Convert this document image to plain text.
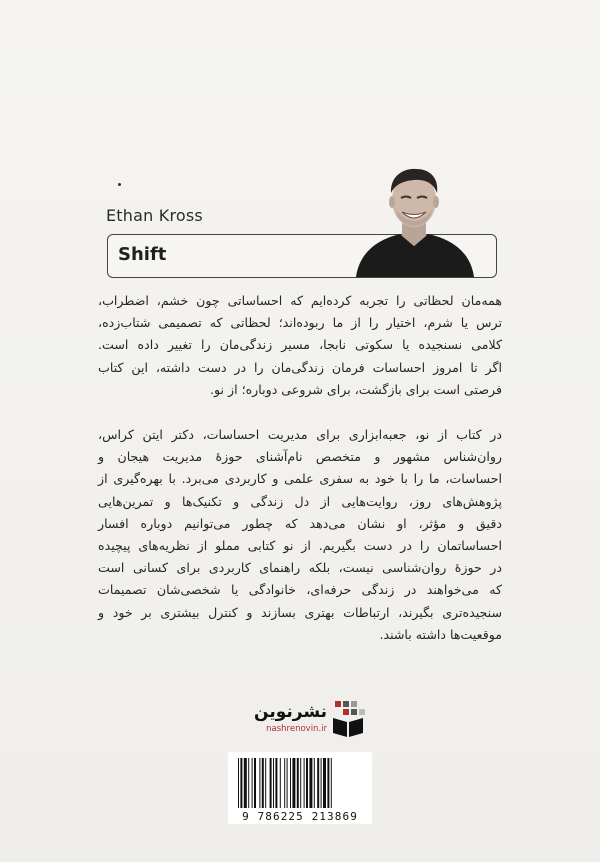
Ethan Kross
Shift
همه‌مان لحظاتی را تجربه کرده‌ایم که احساساتی چون خشم، اضطراب،
ترس یا شرم، اختیار را از ما ربوده‌اند؛ لحظاتی که تصمیمی شتاب‌زده،
کلامی نسنجیده یا سکوتی نابجا، مسیر زندگی‌مان را تغییر داده است.
اگر تا امروز احساسات فرمان زندگی‌مان را در دست داشته، این کتاب
فرصتی است برای بازگشت، برای شروعی دوباره؛ از نو.
در کتاب از نو، جعبه‌ابزاری برای مدیریت احساسات، دکتر ایتن کراس،
روان‌شناس مشهور و متخصص نام‌آشنای حوزهٔ مدیریت هیجان و
احساسات، ما را با خود به سفری علمی و کاربردی می‌برد. با بهره‌گیری از
پژوهش‌های روز، روایت‌هایی از دل زندگی و تکنیک‌ها و تمرین‌هایی
دقیق و مؤثر، او نشان می‌دهد که چطور می‌توانیم دوباره افسار
احساساتمان را در دست بگیریم. از نو کتابی مملو از نظریه‌های پیچیده
در حوزهٔ روان‌شناسی نیست، بلکه راهنمای کاربردی برای کسانی است
که می‌خواهند در زندگی حرفه‌ای، خانوادگی یا شخصی‌شان تصمیمات
سنجیده‌تری بگیرند، ارتباطات بهتری بسازند و کنترل بیشتری بر خود و
موقعیت‌ها داشته باشند.
نشرنوین
nashrenovin.ir
9 786225 213869
